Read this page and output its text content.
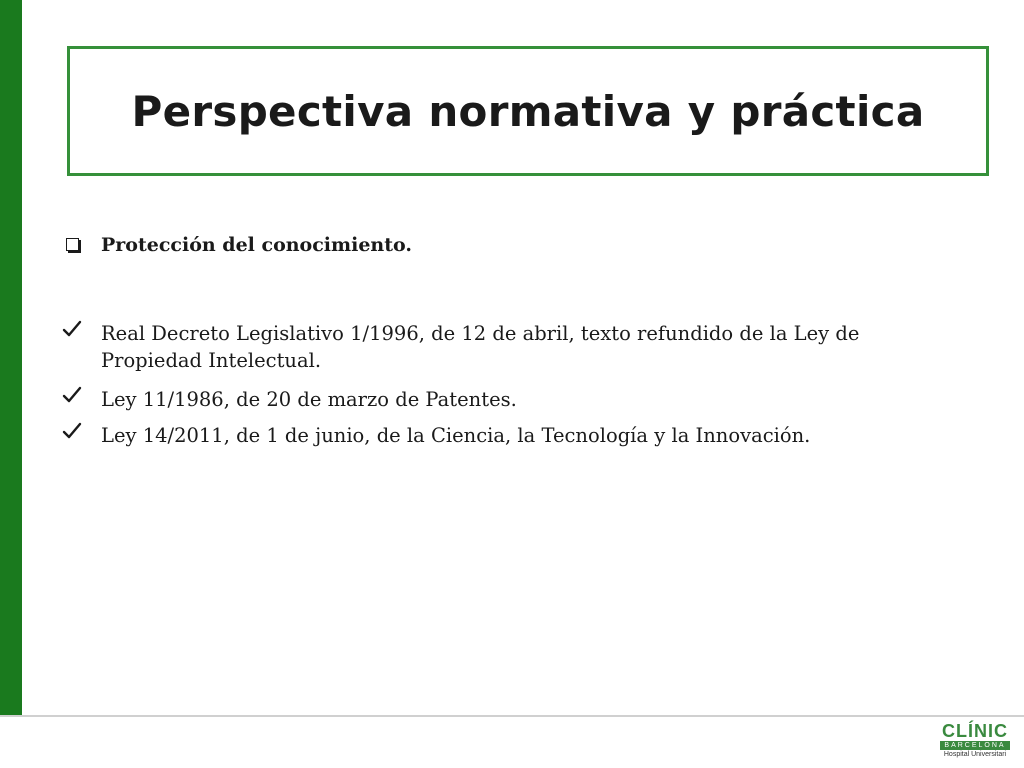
Perspectiva normativa y práctica
Protección del conocimiento.
Real Decreto Legislativo 1/1996, de 12 de abril, texto refundido de la Ley de
Propiedad Intelectual.
Ley 11/1986, de 20 de marzo de Patentes.
Ley 14/2011, de 1 de junio, de la Ciencia, la Tecnología y la Innovación.
CLÍNIC
BARCELONA
Hospital Universitari
